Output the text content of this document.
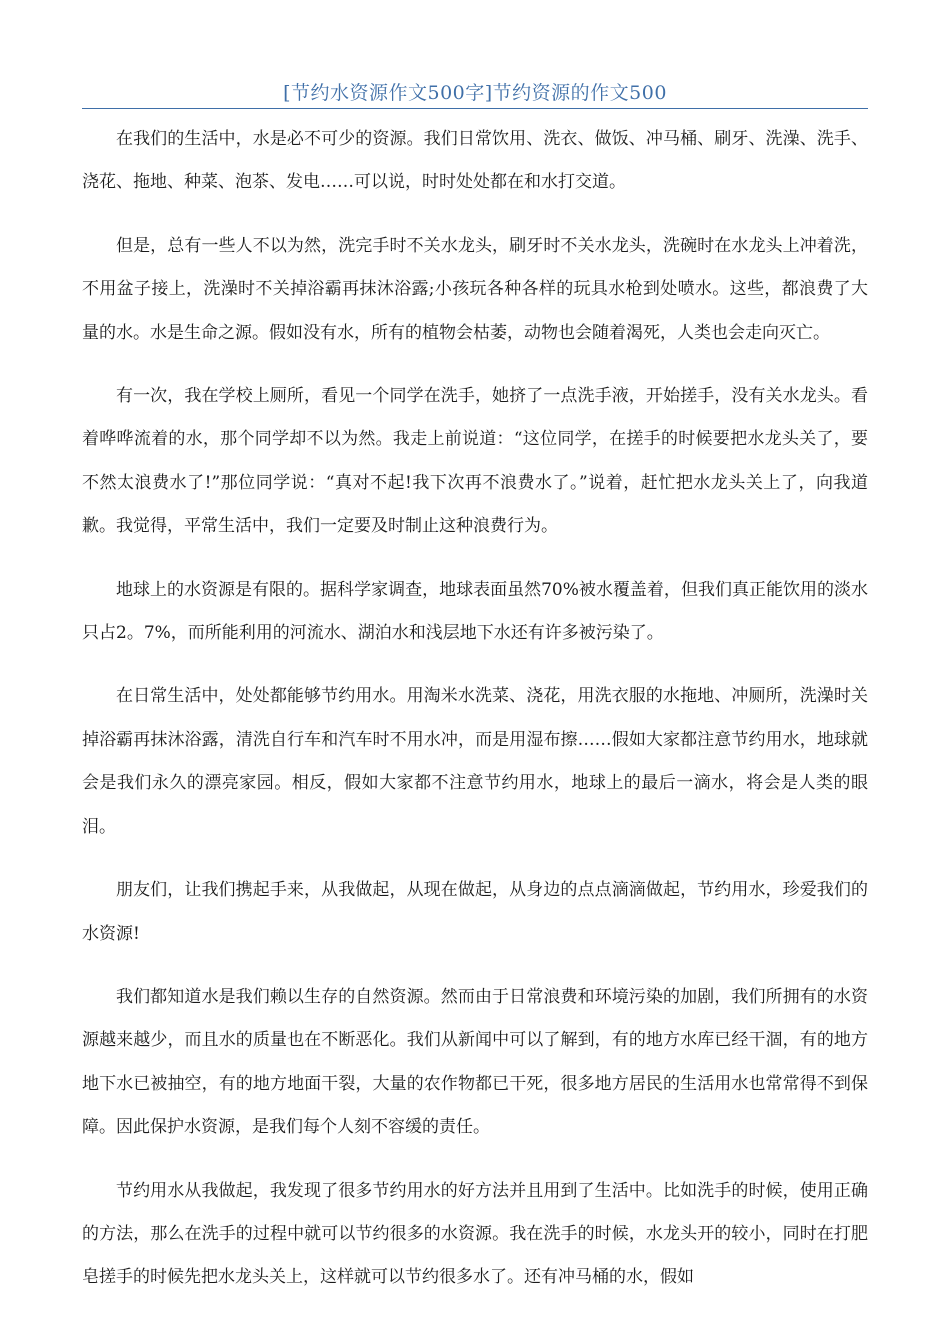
[节约水资源作文500字]节约资源的作文500

在我们的生活中，水是必不可少的资源。我们日常饮用、洗衣、做饭、冲马桶、刷牙、洗澡、洗手、浇花、拖地、种菜、泡茶、发电……可以说，时时处处都在和水打交道。

但是，总有一些人不以为然，洗完手时不关水龙头，刷牙时不关水龙头，洗碗时在水龙头上冲着洗，不用盆子接上，洗澡时不关掉浴霸再抹沐浴露;小孩玩各种各样的玩具水枪到处喷水。这些，都浪费了大量的水。水是生命之源。假如没有水，所有的植物会枯萎，动物也会随着渴死，人类也会走向灭亡。

有一次，我在学校上厕所，看见一个同学在洗手，她挤了一点洗手液，开始搓手，没有关水龙头。看着哗哗流着的水，那个同学却不以为然。我走上前说道：“这位同学，在搓手的时候要把水龙头关了，要不然太浪费水了!”那位同学说：“真对不起!我下次再不浪费水了。”说着，赶忙把水龙头关上了，向我道歉。我觉得，平常生活中，我们一定要及时制止这种浪费行为。

地球上的水资源是有限的。据科学家调查，地球表面虽然70%被水覆盖着，但我们真正能饮用的淡水只占2。7%，而所能利用的河流水、湖泊水和浅层地下水还有许多被污染了。

在日常生活中，处处都能够节约用水。用淘米水洗菜、浇花，用洗衣服的水拖地、冲厕所，洗澡时关掉浴霸再抹沐浴露，清洗自行车和汽车时不用水冲，而是用湿布擦……假如大家都注意节约用水，地球就会是我们永久的漂亮家园。相反，假如大家都不注意节约用水，地球上的最后一滴水，将会是人类的眼泪。

朋友们，让我们携起手来，从我做起，从现在做起，从身边的点点滴滴做起，节约用水，珍爱我们的水资源!

我们都知道水是我们赖以生存的自然资源。然而由于日常浪费和环境污染的加剧，我们所拥有的水资源越来越少，而且水的质量也在不断恶化。我们从新闻中可以了解到，有的地方水库已经干涸，有的地方地下水已被抽空，有的地方地面干裂，大量的农作物都已干死，很多地方居民的生活用水也常常得不到保障。因此保护水资源，是我们每个人刻不容缓的责任。

节约用水从我做起，我发现了很多节约用水的好方法并且用到了生活中。比如洗手的时候，使用正确的方法，那么在洗手的过程中就可以节约很多的水资源。我在洗手的时候，水龙头开的较小，同时在打肥皂搓手的时候先把水龙头关上，这样就可以节约很多水了。还有冲马桶的水，假如
